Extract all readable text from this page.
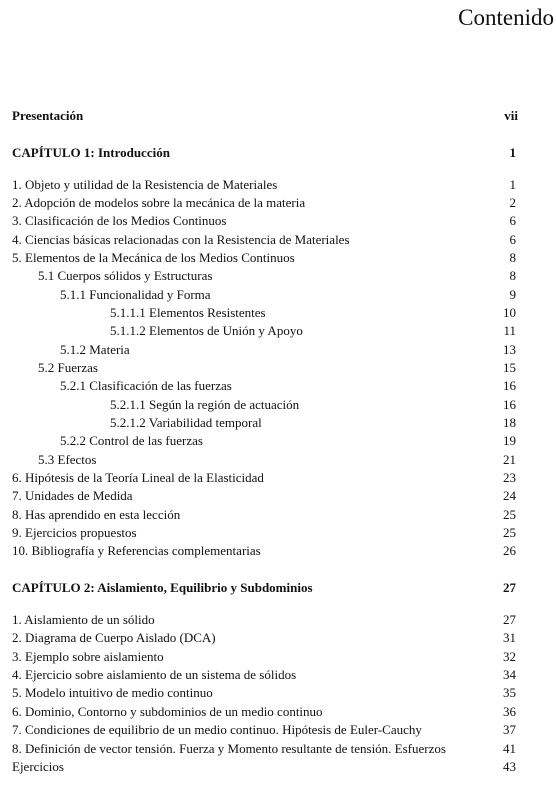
Contenido
Presentación	vii
CAPÍTULO 1: Introducción	1
1. Objeto y utilidad de la Resistencia de Materiales	1
2. Adopción de modelos sobre la mecánica de la materia	2
3. Clasificación de los Medios Continuos	6
4. Ciencias básicas relacionadas con la Resistencia de Materiales	6
5. Elementos de la Mecánica de los Medios Continuos	8
5.1 Cuerpos sólidos y Estructuras	8
5.1.1 Funcionalidad y Forma	9
5.1.1.1 Elementos Resistentes	10
5.1.1.2 Elementos de Unión y Apoyo	11
5.1.2 Materia	13
5.2 Fuerzas	15
5.2.1 Clasificación de las fuerzas	16
5.2.1.1 Según la región de actuación	16
5.2.1.2 Variabilidad temporal	18
5.2.2 Control de las fuerzas	19
5.3 Efectos	21
6. Hipótesis de la Teoría Lineal de la Elasticidad	23
7. Unidades de Medida	24
8. Has aprendido en esta lección	25
9. Ejercicios propuestos	25
10. Bibliografía y Referencias complementarias	26
CAPÍTULO 2: Aislamiento, Equilibrio y Subdominios	27
1. Aislamiento de un sólido	27
2. Diagrama de Cuerpo Aislado (DCA)	31
3. Ejemplo sobre aislamiento	32
4. Ejercicio sobre aislamiento de un sistema de sólidos	34
5. Modelo intuitivo de medio continuo	35
6. Dominio, Contorno y subdominios de un medio continuo	36
7. Condiciones de equilibrio de un medio continuo. Hipótesis de Euler-Cauchy	37
8. Definición de vector tensión. Fuerza y Momento resultante de tensión. Esfuerzos	41
Ejercicios	43
